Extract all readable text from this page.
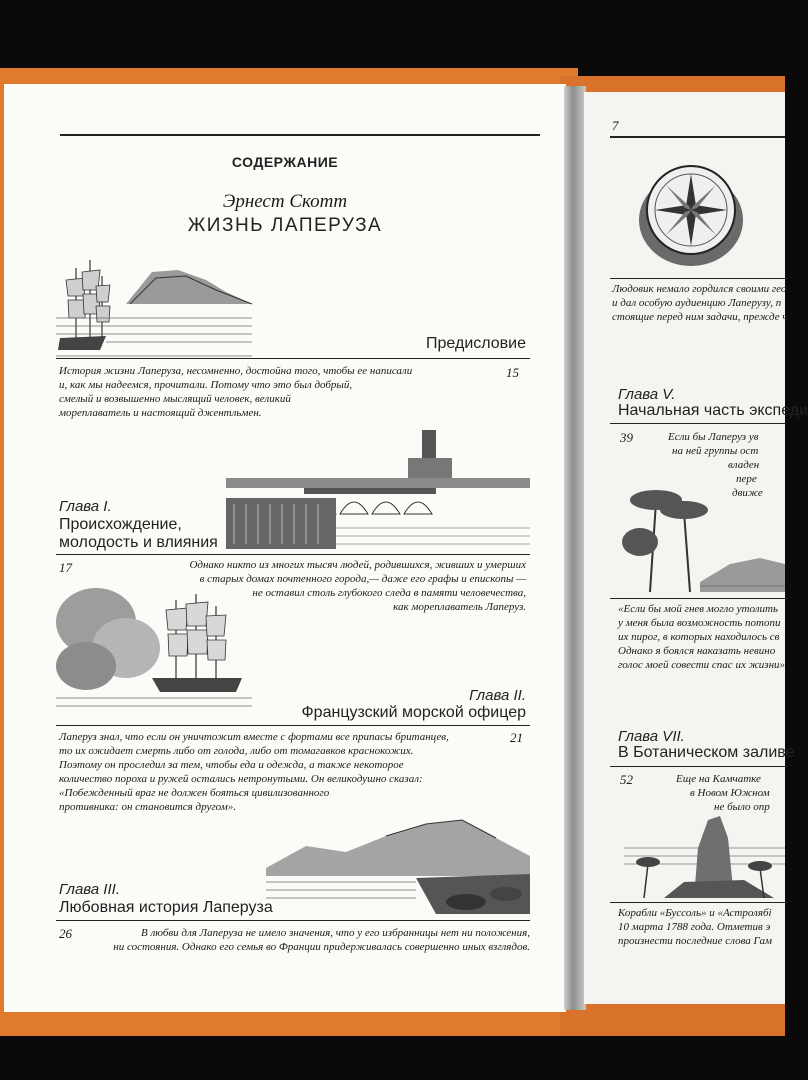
СОДЕРЖАНИЕ
Эрнест Скотт
ЖИЗНЬ ЛАПЕРУЗА
Предисловие
15
История жизни Лаперуза, несомненно, достойна того, чтобы ее написали
и, как мы надеемся, прочитали. Потому что это был добрый,
смелый и возвышенно мыслящий человек, великий
мореплаватель и настоящий джентльмен.
Глава I.
Происхождение,
молодость и влияния
17	Однако никто из многих тысяч людей, родившихся, живших и умерших
в старых домах почтенного города,— даже его графы и епископы —
не оставил столь глубокого следа в памяти человечества,
как мореплаватель Лаперуз.
Глава II.
Французский морской офицер
21
Лаперуз знал, что если он уничтожит вместе с фортами все припасы британцев,
то их ожидает смерть либо от голода, либо от томагавков краснокожих.
Поэтому он проследил за тем, чтобы еда и одежда, а также некоторое
количество пороха и ружей остались нетронутыми. Он великодушно сказал:
«Побежденный враг не должен бояться цивилизованного
противника: он становится другом».
Глава III.
Любовная история Лаперуза
26	В любви для Лаперуза не имело значения, что у его избранницы нет ни положения,
ни состояния. Однако его семья во Франции придерживалась совершенно иных взглядов.
7
Людовик немало гордился своими гео
и дал особую аудиенцию Лаперузу, п
стоящие перед ним задачи, прежде ч
Глава V.
Начальная часть экспеди
39	Если бы Лаперуз ув
на ней группы ост
владен
пере
движе
«Если бы мой гнев могло утолить
у меня была возможность потопи
их пирог, в которых находилось св
Однако я боялся наказать невино
голос моей совести спас их жизни»
Глава VII.
В Ботаническом заливе
52	Еще на Камчатке
в Новом Южном
не было опр
Корабли «Буссоль» и «Астролябі
10 марта 1788 года. Отметив э
произнести последние слова Гам
